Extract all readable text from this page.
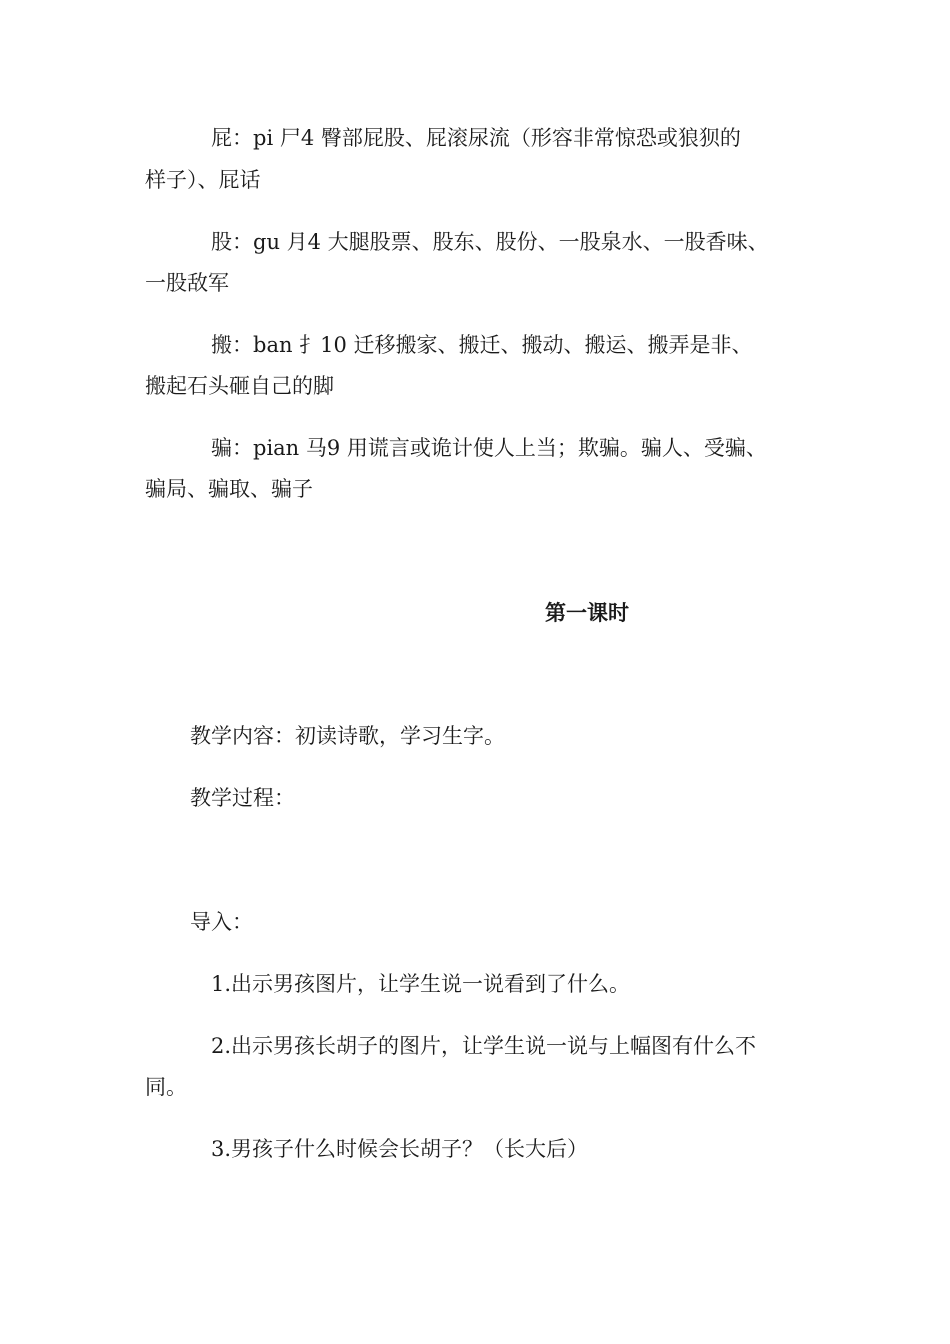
屁：pi 尸4 臀部屁股、屁滚尿流（形容非常惊恐或狼狈的
样子）、屁话
股：gu 月4 大腿股票、股东、股份、一股泉水、一股香味、
一股敌军
搬：ban 扌10 迁移搬家、搬迁、搬动、搬运、搬弄是非、
搬起石头砸自己的脚
骗：pian 马9 用谎言或诡计使人上当；欺骗。骗人、受骗、
骗局、骗取、骗子
第一课时
教学内容：初读诗歌，学习生字。
教学过程：
导入：
1.出示男孩图片，让学生说一说看到了什么。
2.出示男孩长胡子的图片，让学生说一说与上幅图有什么不
同。
3.男孩子什么时候会长胡子？（长大后）
